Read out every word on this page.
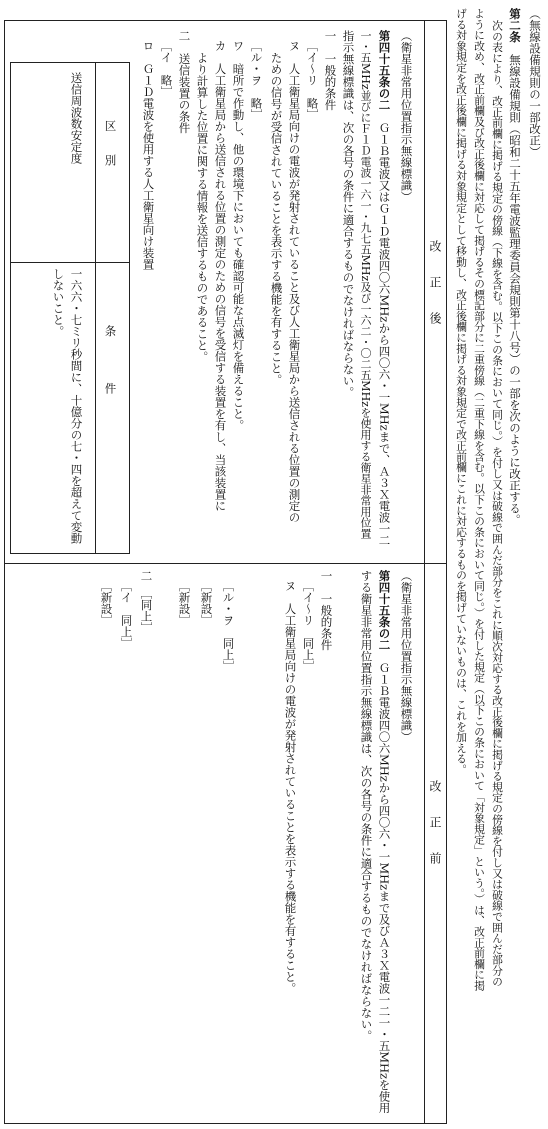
（無線設備規則の一部改正）
第二条　無線設備規則（昭和二十五年電波監理委員会規則第十八号）の一部を次のように改正する。
次の表により、改正前欄に掲げる規定の傍線（下線を含む。以下この条において同じ。）を付し又は破線で囲んだ部分をこれに順次対応する改正後欄に掲げる規定の傍線を付し又は破線で囲んだ部分の
ように改め、改正前欄及び改正後欄に対応して掲げるその標記部分に二重傍線（二重下線を含む。以下この条において同じ。）を付した規定（以下この条において「対象規定」という。）は、改正前欄に掲
げる対象規定を改正後欄に掲げる対象規定として移動し、改正後欄に掲げる対象規定で改正前欄にこれに対応するものを掲げていないものは、これを加える。
改　　正　　後
改　　正　　前
（衛星非常用位置指示無線標識）
第四十五条の二　Ｇ１Ｂ電波又はＧ１Ｄ電波四〇六MHzから四〇六・一MHzまで、Ａ３Ｘ電波一二
一・五MHz並びにＦ１Ｄ電波一六一・九七五MHz及び一六二・〇二五MHzを使用する衛星非常用位置
指示無線標識は、次の各号の条件に適合するものでなければならない。
一　一般的条件
［イ～リ　略］
ヌ　人工衛星局向けの電波が発射されていること及び人工衛星局から送信される位置の測定の
ための信号が受信されていることを表示する機能を有すること。
［ル・ヲ　略］
ワ　暗所で作動し、他の環境下においても確認可能な点滅灯を備えること。
カ　人工衛星局から送信される位置の測定のための信号を受信する装置を有し、当該装置に
より計算した位置に関する情報を送信するものであること。
二　送信装置の条件
［イ　略］
ロ　Ｇ１Ｄ電波を使用する人工衛星向け装置
区　　別
条　　　　件
送信周波数安定度
一六六・七ミリ秒間に、十億分の七・四を超えて変動
しないこと。
（衛星非常用位置指示無線標識）
第四十五条の二　Ｇ１Ｂ電波四〇六MHzから四〇六・一MHzまで及びＡ３Ｘ電波一二一・五MHzを使用
する衛星非常用位置指示無線標識は、次の各号の条件に適合するものでなければならない。
一　一般的条件
［イ～リ　同上］
ヌ　人工衛星局向けの電波が発射されていることを表示する機能を有すること。
［ル・ヲ　同上］
［新設］
［新設］
二　［同上］
［イ　同上］
［新設］
